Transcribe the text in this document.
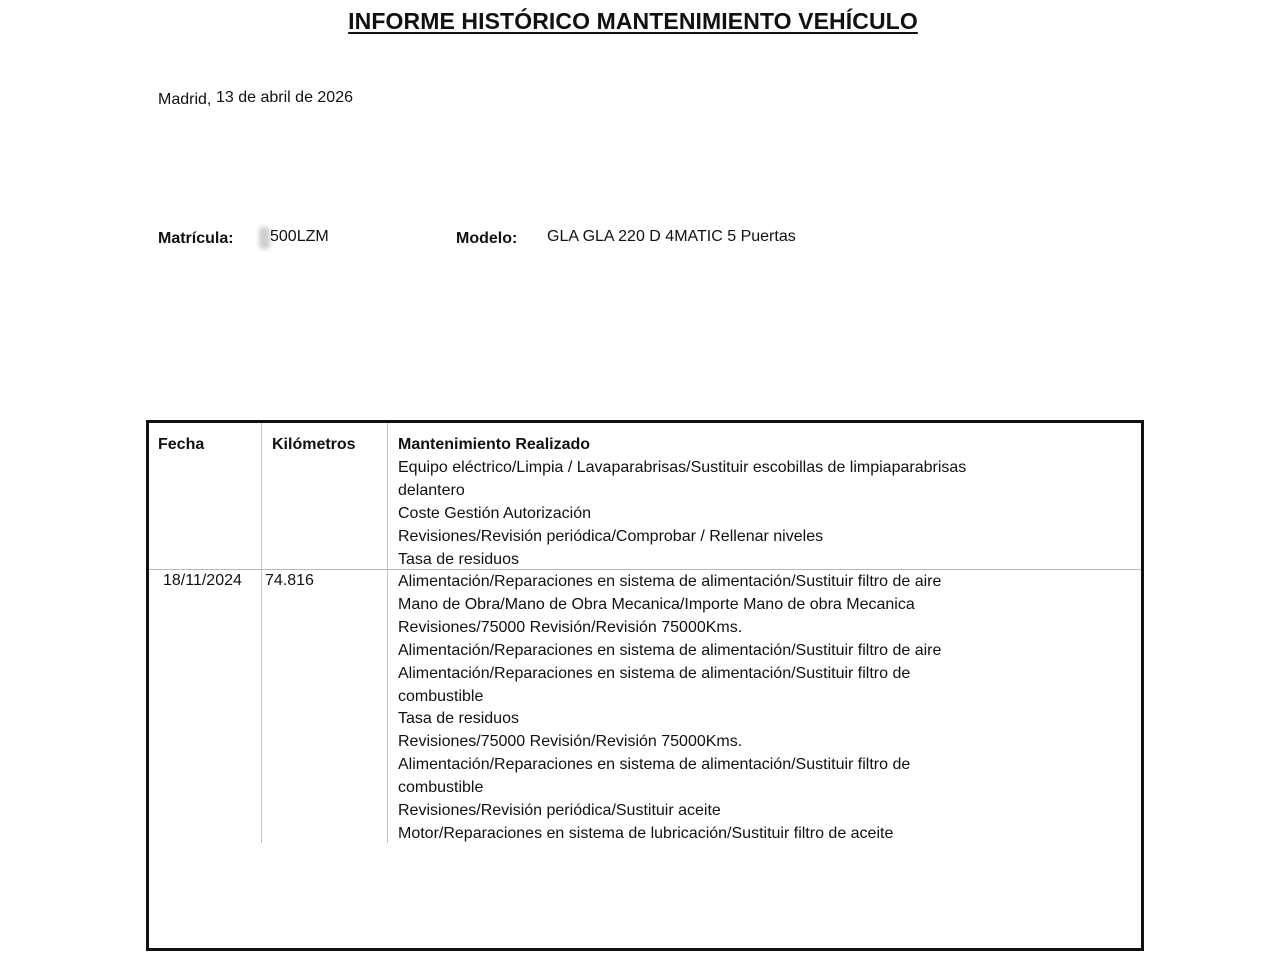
INFORME HISTÓRICO MANTENIMIENTO VEHÍCULO
Madrid, 13 de abril de 2026
Matrícula: 500LZM	Modelo: GLA GLA 220 D 4MATIC 5 Puertas
Fecha	Kilómetros	Mantenimiento Realizado
Equipo eléctrico/Limpia / Lavaparabrisas/Sustituir escobillas de limpiaparabrisas
delantero
Coste Gestión Autorización
Revisiones/Revisión periódica/Comprobar / Rellenar niveles
Tasa de residuos
18/11/2024 74.816	Alimentación/Reparaciones en sistema de alimentación/Sustituir filtro de aire
Mano de Obra/Mano de Obra Mecanica/Importe Mano de obra Mecanica
Revisiones/75000 Revisión/Revisión 75000Kms.
Alimentación/Reparaciones en sistema de alimentación/Sustituir filtro de aire
Alimentación/Reparaciones en sistema de alimentación/Sustituir filtro de
combustible
Tasa de residuos
Revisiones/75000 Revisión/Revisión 75000Kms.
Alimentación/Reparaciones en sistema de alimentación/Sustituir filtro de
combustible
Revisiones/Revisión periódica/Sustituir aceite
Motor/Reparaciones en sistema de lubricación/Sustituir filtro de aceite
